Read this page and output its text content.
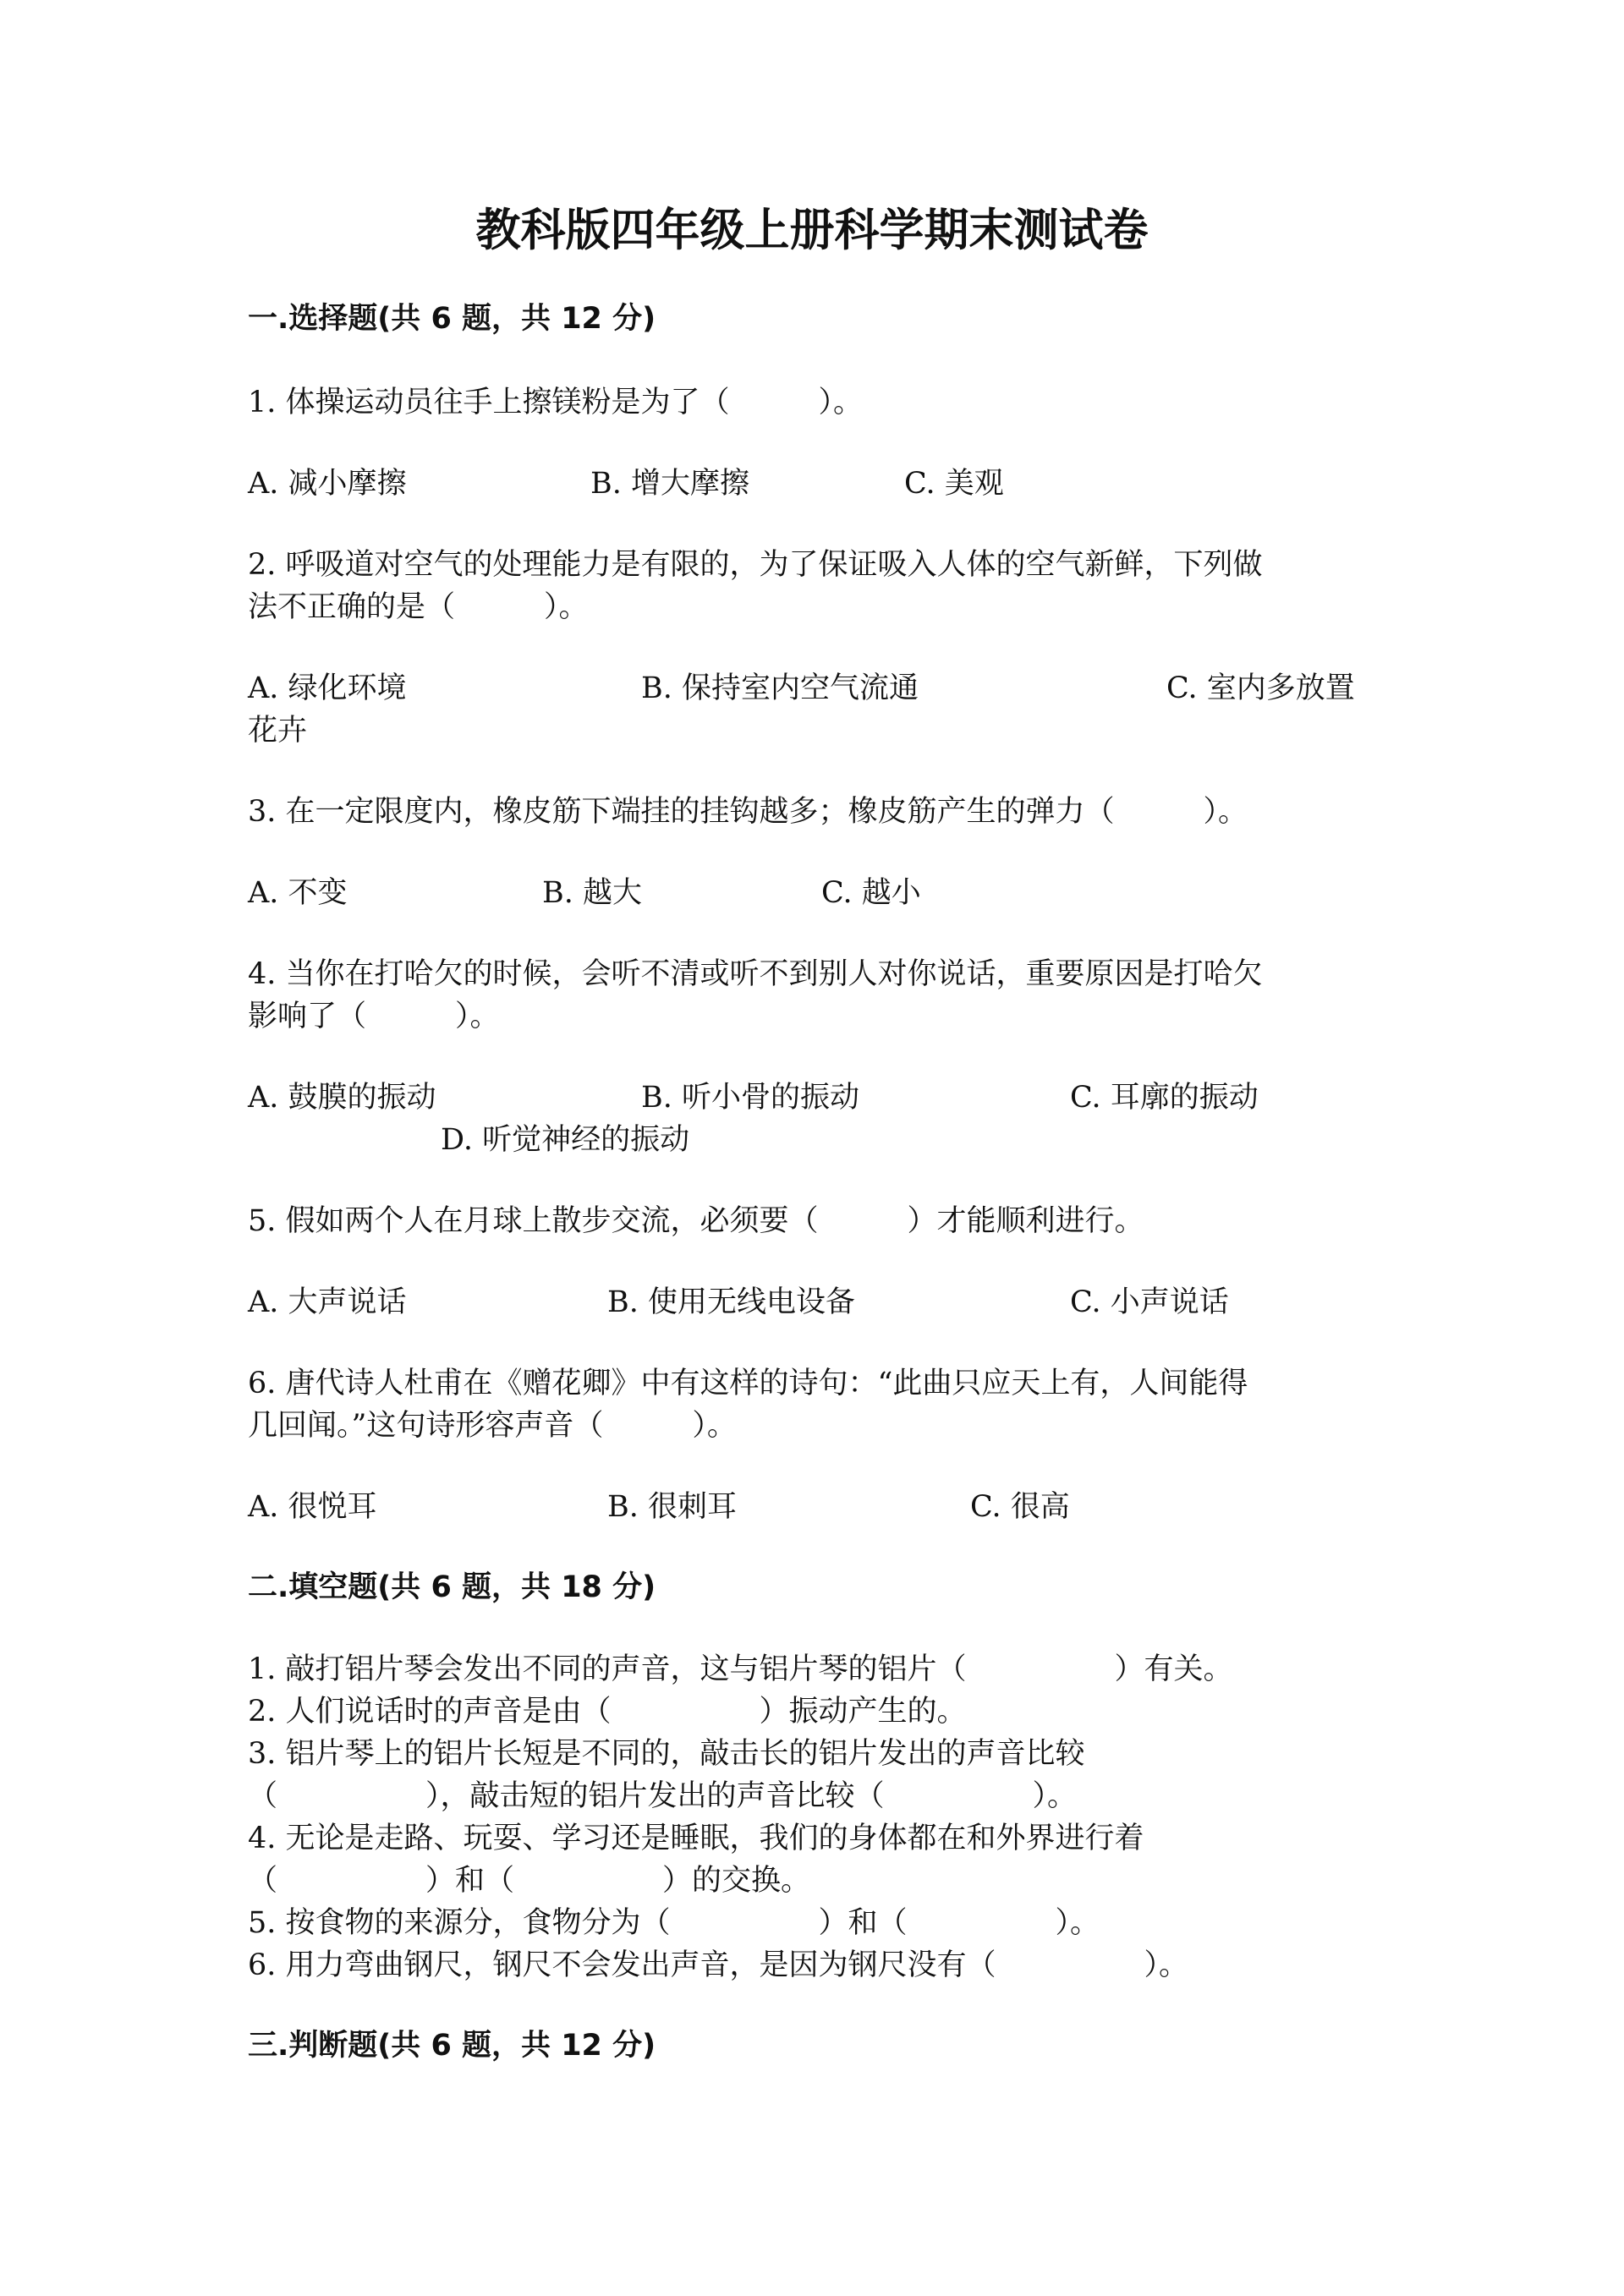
教科版四年级上册科学期末测试卷
一.选择题(共 6 题，共 12 分)
1. 体操运动员往手上擦镁粉是为了（　　　）。
A. 减小摩擦	B. 增大摩擦	C. 美观
2. 呼吸道对空气的处理能力是有限的，为了保证吸入人体的空气新鲜，下列做
法不正确的是（　　　）。
A. 绿化环境	B. 保持室内空气流通	C. 室内多放置
花卉
3. 在一定限度内，橡皮筋下端挂的挂钩越多；橡皮筋产生的弹力（　　　）。
A. 不变	B. 越大	C. 越小
4. 当你在打哈欠的时候，会听不清或听不到别人对你说话，重要原因是打哈欠
影响了（　　　）。
A. 鼓膜的振动	B. 听小骨的振动	C. 耳廓的振动
D. 听觉神经的振动
5. 假如两个人在月球上散步交流，必须要（　　　）才能顺利进行。
A. 大声说话	B. 使用无线电设备	C. 小声说话
6. 唐代诗人杜甫在《赠花卿》中有这样的诗句：“此曲只应天上有，人间能得
几回闻。”这句诗形容声音（　　　）。
A. 很悦耳	B. 很刺耳	C. 很高
二.填空题(共 6 题，共 18 分)
1. 敲打铝片琴会发出不同的声音，这与铝片琴的铝片（　　　　　）有关。
2. 人们说话时的声音是由（　　　　　）振动产生的。
3. 铝片琴上的铝片长短是不同的，敲击长的铝片发出的声音比较
（　　　　　），敲击短的铝片发出的声音比较（　　　　　）。
4. 无论是走路、玩耍、学习还是睡眠，我们的身体都在和外界进行着
（　　　　　）和（　　　　　）的交换。
5. 按食物的来源分，食物分为（　　　　　）和（　　　　　）。
6. 用力弯曲钢尺，钢尺不会发出声音，是因为钢尺没有（　　　　　）。
三.判断题(共 6 题，共 12 分)
